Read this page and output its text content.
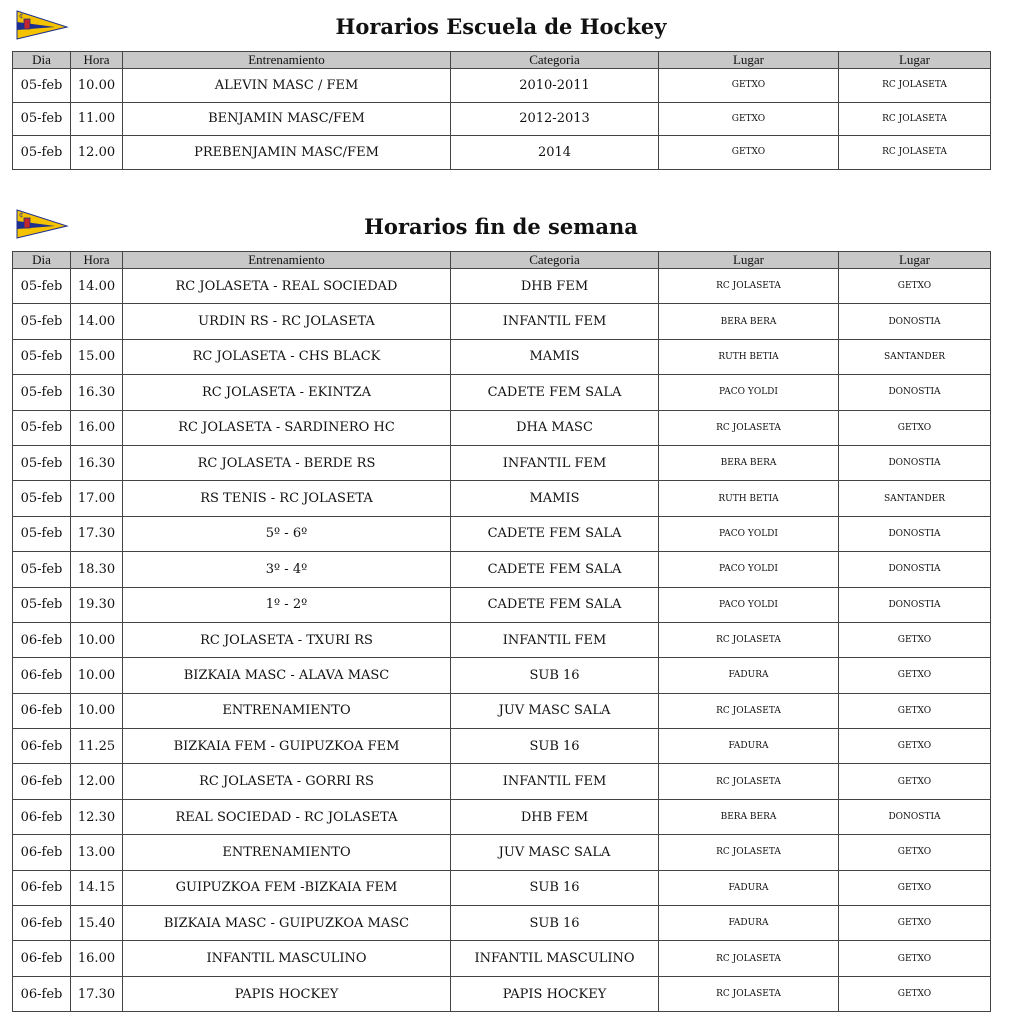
¢	Horarios Escuela de Hockey
Dia	Hora	Entrenamiento	Categoria	Lugar	Lugar
05-feb	10.00	ALEVIN MASC / FEM	2010-2011	GETXO	RC JOLASETA
05-feb	11.00	BENJAMIN MASC/FEM	2012-2013	GETXO	RC JOLASETA
05-feb	12.00	PREBENJAMIN MASC/FEM	2014	GETXO	RC JOLASETA
¢	Horarios fin de semana
Dia	Hora	Entrenamiento	Categoria	Lugar	Lugar
05-feb	14.00	RC JOLASETA - REAL SOCIEDAD	DHB FEM	RC JOLASETA	GETXO
05-feb	14.00	URDIN RS - RC JOLASETA	INFANTIL FEM	BERA BERA	DONOSTIA
05-feb	15.00	RC JOLASETA - CHS BLACK	MAMIS	RUTH BETIA	SANTANDER
05-feb	16.30	RC JOLASETA - EKINTZA	CADETE FEM SALA	PACO YOLDI	DONOSTIA
05-feb	16.00	RC JOLASETA - SARDINERO HC	DHA MASC	RC JOLASETA	GETXO
05-feb	16.30	RC JOLASETA - BERDE RS	INFANTIL FEM	BERA BERA	DONOSTIA
05-feb	17.00	RS TENIS - RC JOLASETA	MAMIS	RUTH BETIA	SANTANDER
05-feb	17.30	5º - 6º	CADETE FEM SALA	PACO YOLDI	DONOSTIA
05-feb	18.30	3º - 4º	CADETE FEM SALA	PACO YOLDI	DONOSTIA
05-feb	19.30	1º - 2º	CADETE FEM SALA	PACO YOLDI	DONOSTIA
06-feb	10.00	RC JOLASETA - TXURI RS	INFANTIL FEM	RC JOLASETA	GETXO
06-feb	10.00	BIZKAIA MASC - ALAVA MASC	SUB 16	FADURA	GETXO
06-feb	10.00	ENTRENAMIENTO	JUV MASC SALA	RC JOLASETA	GETXO
06-feb	11.25	BIZKAIA FEM - GUIPUZKOA FEM	SUB 16	FADURA	GETXO
06-feb	12.00	RC JOLASETA - GORRI RS	INFANTIL FEM	RC JOLASETA	GETXO
06-feb	12.30	REAL SOCIEDAD - RC JOLASETA	DHB FEM	BERA BERA	DONOSTIA
06-feb	13.00	ENTRENAMIENTO	JUV MASC SALA	RC JOLASETA	GETXO
06-feb	14.15	GUIPUZKOA FEM -BIZKAIA FEM	SUB 16	FADURA	GETXO
06-feb	15.40	BIZKAIA MASC - GUIPUZKOA MASC	SUB 16	FADURA	GETXO
06-feb	16.00	INFANTIL MASCULINO	INFANTIL MASCULINO	RC JOLASETA	GETXO
06-feb	17.30	PAPIS HOCKEY	PAPIS HOCKEY	RC JOLASETA	GETXO
